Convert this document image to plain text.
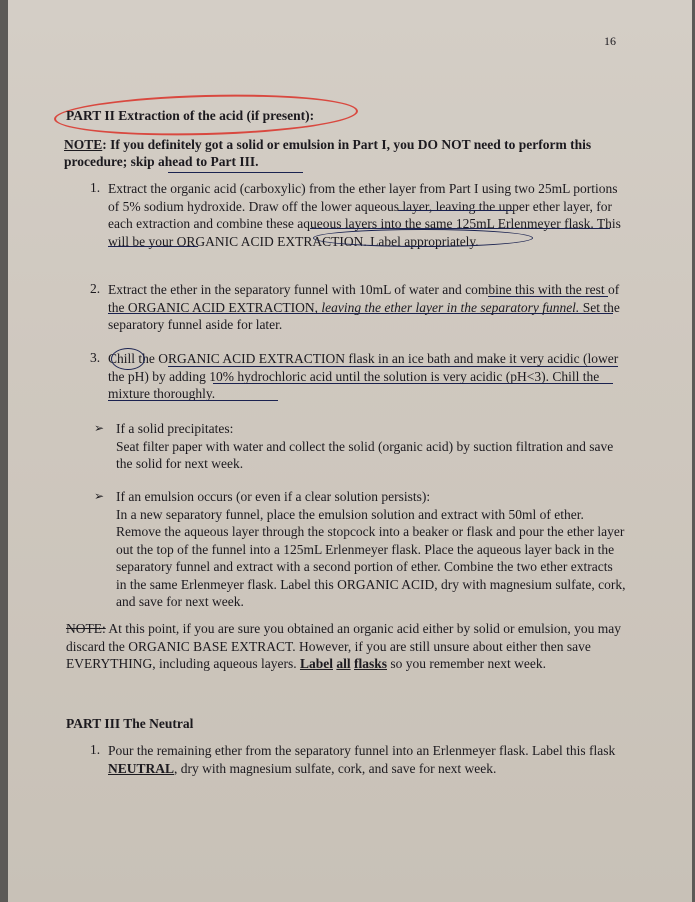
16
PART II Extraction of the acid (if present):
NOTE: If you definitely got a solid or emulsion in Part I, you DO NOT need to perform this procedure; skip ahead to Part III.
1. Extract the organic acid (carboxylic) from the ether layer from Part I using two 25mL portions of 5% sodium hydroxide. Draw off the lower aqueous layer, leaving the upper ether layer, for each extraction and combine these aqueous layers into the same 125mL Erlenmeyer flask. This will be your ORGANIC ACID EXTRACTION. Label appropriately.
2. Extract the ether in the separatory funnel with 10mL of water and combine this with the rest of the ORGANIC ACID EXTRACTION, leaving the ether layer in the separatory funnel. Set the separatory funnel aside for later.
3. Chill the ORGANIC ACID EXTRACTION flask in an ice bath and make it very acidic (lower the pH) by adding 10% hydrochloric acid until the solution is very acidic (pH<3). Chill the mixture thoroughly.
➢ If a solid precipitates:
Seat filter paper with water and collect the solid (organic acid) by suction filtration and save the solid for next week.
➢ If an emulsion occurs (or even if a clear solution persists):
In a new separatory funnel, place the emulsion solution and extract with 50ml of ether. Remove the aqueous layer through the stopcock into a beaker or flask and pour the ether layer out the top of the funnel into a 125mL Erlenmeyer flask. Place the aqueous layer back in the separatory funnel and extract with a second portion of ether. Combine the two ether extracts in the same Erlenmeyer flask. Label this ORGANIC ACID, dry with magnesium sulfate, cork, and save for next week.
NOTE: At this point, if you are sure you obtained an organic acid either by solid or emulsion, you may discard the ORGANIC BASE EXTRACT. However, if you are still unsure about either then save EVERYTHING, including aqueous layers. Label all flasks so you remember next week.
PART III The Neutral
1. Pour the remaining ether from the separatory funnel into an Erlenmeyer flask. Label this flask NEUTRAL, dry with magnesium sulfate, cork, and save for next week.
